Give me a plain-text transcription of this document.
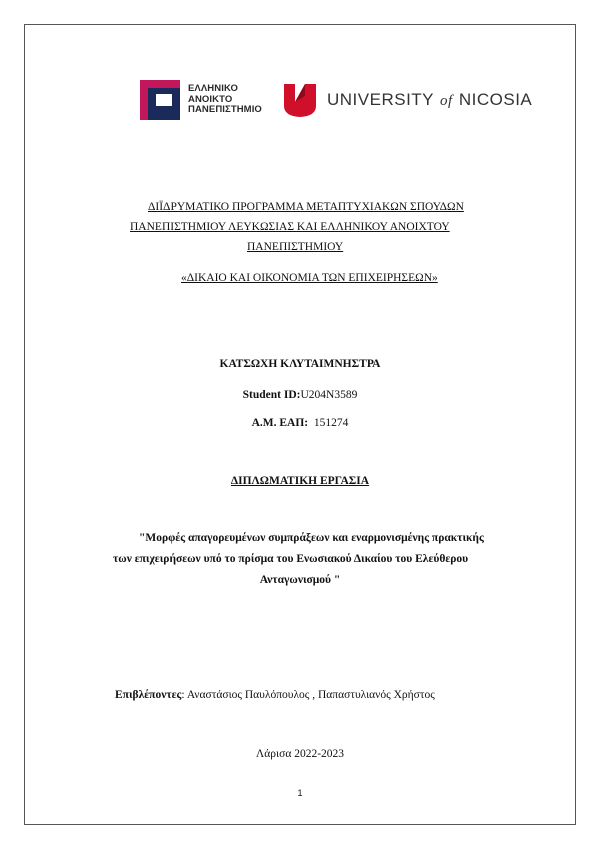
ΕΛΛΗΝΙΚΟ
ΑΝΟΙΚΤΟ
ΠΑΝΕΠΙΣΤΗΜΙΟ
UNIVERSITY of NICOSIA
ΔΙΪΔΡΥΜΑΤΙΚΟ ΠΡΟΓΡΑΜΜΑ ΜΕΤΑΠΤΥΧΙΑΚΩΝ ΣΠΟΥΔΩΝ
ΠΑΝΕΠΙΣΤΗΜΙΟΥ ΛΕΥΚΩΣΙΑΣ ΚΑΙ ΕΛΛΗΝΙΚΟΥ ΑΝΟΙΧΤΟΥ
ΠΑΝΕΠΙΣΤΗΜΙΟΥ
«ΔΙΚΑΙΟ ΚΑΙ ΟΙΚΟΝΟΜΙΑ ΤΩΝ ΕΠΙΧΕΙΡΗΣΕΩΝ»
ΚΑΤΣΩΧΗ ΚΛΥΤΑΙΜΝΗΣΤΡΑ
Student ID:U204N3589
Α.Μ. ΕΑΠ: 151274
ΔΙΠΛΩΜΑΤΙΚΗ ΕΡΓΑΣΙΑ
"Μορφές απαγορευμένων συμπράξεων και εναρμονισμένης πρακτικής
των επιχειρήσεων υπό το πρίσμα του Ενωσιακού Δικαίου του Ελεύθερου
Ανταγωνισμού "
Επιβλέποντες: Αναστάσιος Παυλόπουλος , Παπαστυλιανός Χρήστος
Λάρισα 2022-2023
1
